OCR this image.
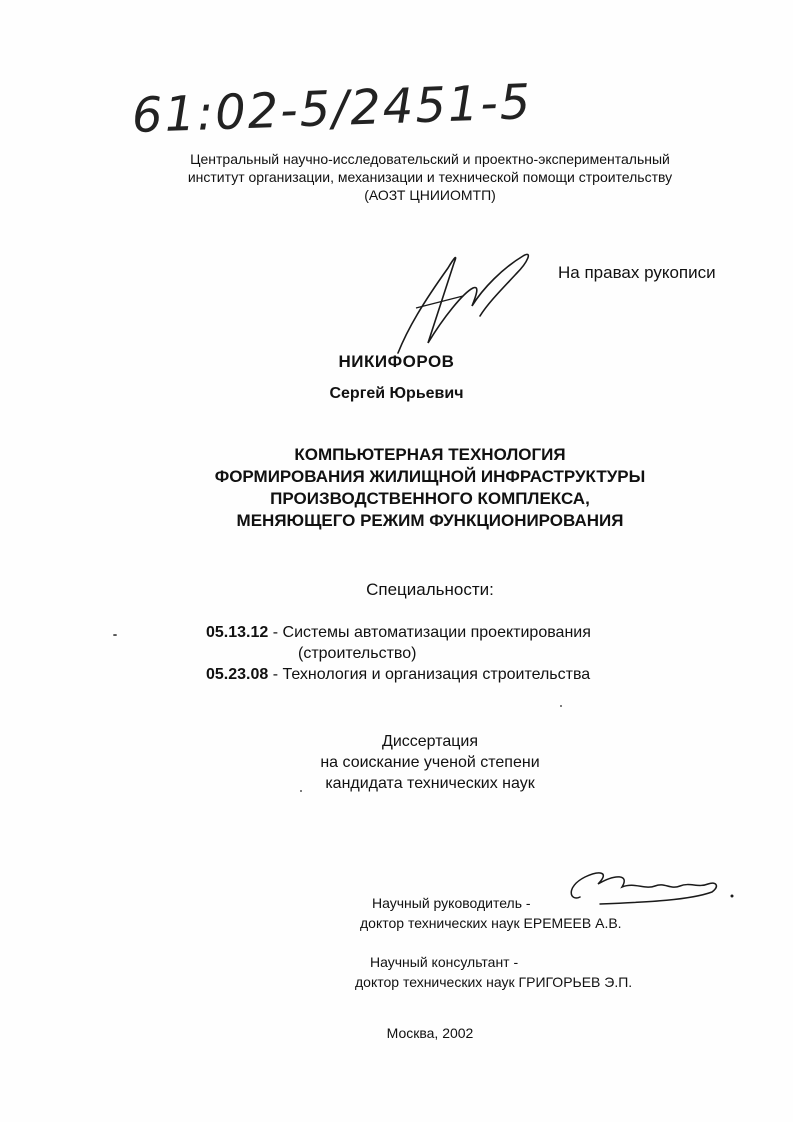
61:02-5/2451-5
Центральный научно-исследовательский и проектно-экспериментальный
институт организации, механизации и технической помощи строительству
(АОЗТ ЦНИИОМТП)
На правах рукописи
НИКИФОРОВ
Сергей Юрьевич
КОМПЬЮТЕРНАЯ ТЕХНОЛОГИЯ
ФОРМИРОВАНИЯ ЖИЛИЩНОЙ ИНФРАСТРУКТУРЫ
ПРОИЗВОДСТВЕННОГО КОМПЛЕКСА,
МЕНЯЮЩЕГО РЕЖИМ ФУНКЦИОНИРОВАНИЯ
Специальности:
05.13.12 - Системы автоматизации проектирования
(строительство)
05.23.08 - Технология и организация строительства
Диссертация
на соискание ученой степени
кандидата технических наук
Научный руководитель -
доктор технических наук ЕРЕМЕЕВ А.В.
Научный консультант -
доктор технических наук ГРИГОРЬЕВ Э.П.
Москва, 2002
